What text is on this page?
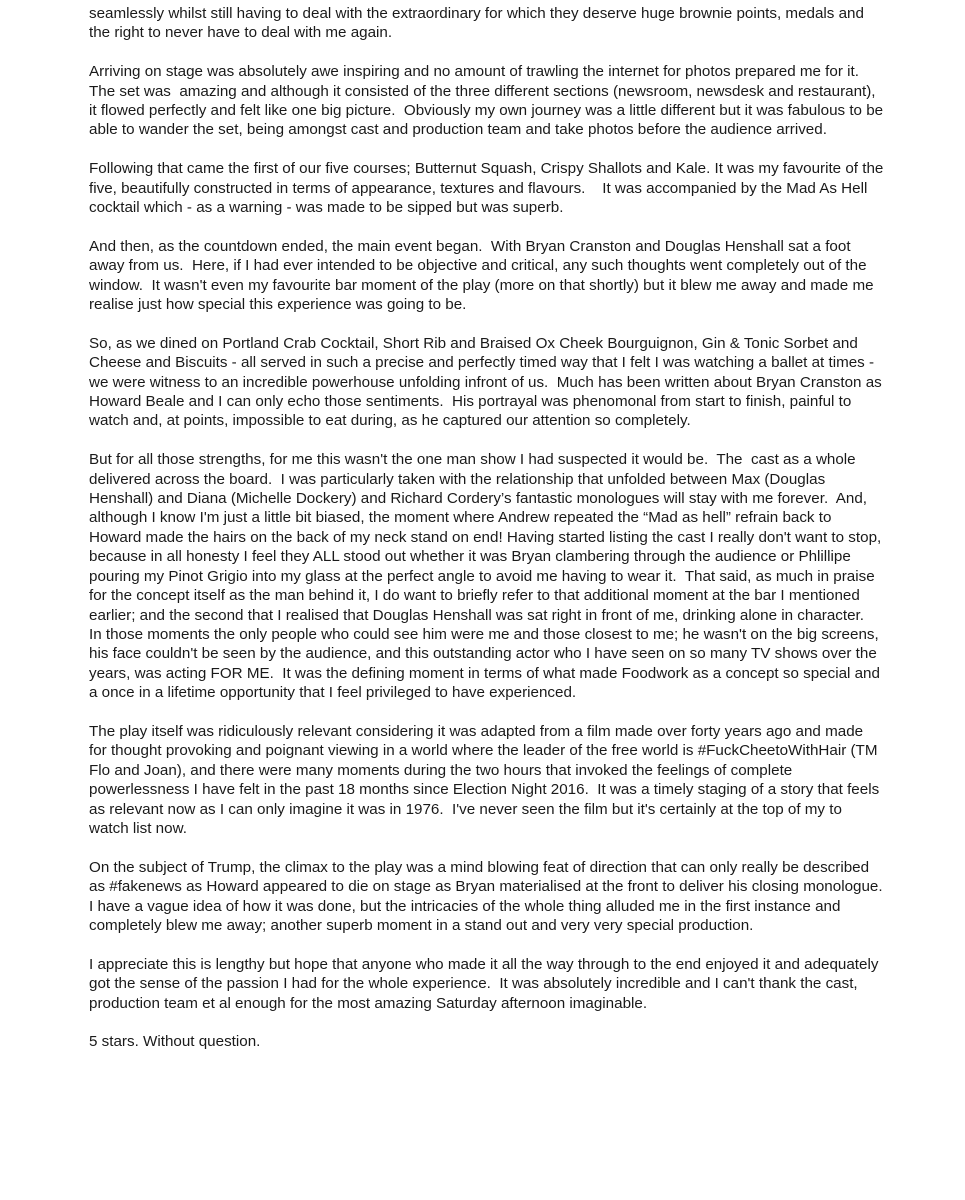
seamlessly whilst still having to deal with the extraordinary for which they deserve huge brownie points, medals and the right to never have to deal with me again.

Arriving on stage was absolutely awe inspiring and no amount of trawling the internet for photos prepared me for it.  The set was  amazing and although it consisted of the three different sections (newsroom, newsdesk and restaurant), it flowed perfectly and felt like one big picture.  Obviously my own journey was a little different but it was fabulous to be able to wander the set, being amongst cast and production team and take photos before the audience arrived.

Following that came the first of our five courses; Butternut Squash, Crispy Shallots and Kale. It was my favourite of the five, beautifully constructed in terms of appearance, textures and flavours.    It was accompanied by the Mad As Hell cocktail which - as a warning - was made to be sipped but was superb.

And then, as the countdown ended, the main event began.  With Bryan Cranston and Douglas Henshall sat a foot away from us.  Here, if I had ever intended to be objective and critical, any such thoughts went completely out of the window.  It wasn't even my favourite bar moment of the play (more on that shortly) but it blew me away and made me realise just how special this experience was going to be.

So, as we dined on Portland Crab Cocktail, Short Rib and Braised Ox Cheek Bourguignon, Gin & Tonic Sorbet and Cheese and Biscuits - all served in such a precise and perfectly timed way that I felt I was watching a ballet at times - we were witness to an incredible powerhouse unfolding infront of us.  Much has been written about Bryan Cranston as Howard Beale and I can only echo those sentiments.  His portrayal was phenomonal from start to finish, painful to watch and, at points, impossible to eat during, as he captured our attention so completely.

But for all those strengths, for me this wasn't the one man show I had suspected it would be.  The  cast as a whole delivered across the board.  I was particularly taken with the relationship that unfolded between Max (Douglas Henshall) and Diana (Michelle Dockery) and Richard Cordery’s fantastic monologues will stay with me forever.  And, although I know I'm just a little bit biased, the moment where Andrew repeated the “Mad as hell” refrain back to Howard made the hairs on the back of my neck stand on end! Having started listing the cast I really don't want to stop, because in all honesty I feel they ALL stood out whether it was Bryan clambering through the audience or Phlillipe pouring my Pinot Grigio into my glass at the perfect angle to avoid me having to wear it.  That said, as much in praise for the concept itself as the man behind it, I do want to briefly refer to that additional moment at the bar I mentioned earlier; and the second that I realised that Douglas Henshall was sat right in front of me, drinking alone in character.  In those moments the only people who could see him were me and those closest to me; he wasn't on the big screens, his face couldn't be seen by the audience, and this outstanding actor who I have seen on so many TV shows over the years, was acting FOR ME.  It was the defining moment in terms of what made Foodwork as a concept so special and a once in a lifetime opportunity that I feel privileged to have experienced.

The play itself was ridiculously relevant considering it was adapted from a film made over forty years ago and made for thought provoking and poignant viewing in a world where the leader of the free world is #FuckCheetoWithHair (TM Flo and Joan), and there were many moments during the two hours that invoked the feelings of complete powerlessness I have felt in the past 18 months since Election Night 2016.  It was a timely staging of a story that feels as relevant now as I can only imagine it was in 1976.  I've never seen the film but it's certainly at the top of my to watch list now.

On the subject of Trump, the climax to the play was a mind blowing feat of direction that can only really be described as #fakenews as Howard appeared to die on stage as Bryan materialised at the front to deliver his closing monologue.  I have a vague idea of how it was done, but the intricacies of the whole thing alluded me in the first instance and completely blew me away; another superb moment in a stand out and very very special production.

I appreciate this is lengthy but hope that anyone who made it all the way through to the end enjoyed it and adequately got the sense of the passion I had for the whole experience.  It was absolutely incredible and I can't thank the cast, production team et al enough for the most amazing Saturday afternoon imaginable.

5 stars. Without question.
